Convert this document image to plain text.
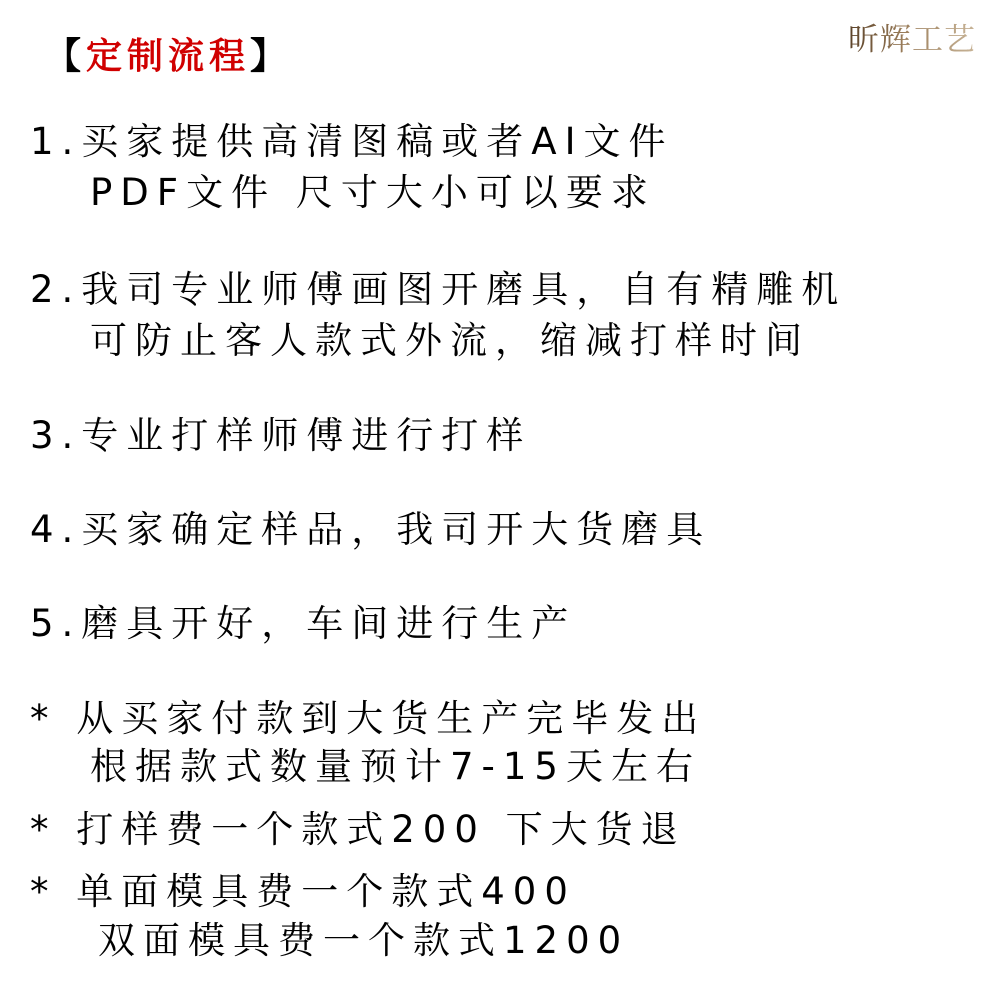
【定制流程】	昕辉工艺
1.买家提供高清图稿或者AI文件
PDF文件 尺寸大小可以要求
2.我司专业师傅画图开磨具，自有精雕机
可防止客人款式外流，缩减打样时间
3.专业打样师傅进行打样
4.买家确定样品，我司开大货磨具
5.磨具开好，车间进行生产
* 从买家付款到大货生产完毕发出
根据款式数量预计7-15天左右
* 打样费一个款式200 下大货退
* 单面模具费一个款式400
双面模具费一个款式1200
